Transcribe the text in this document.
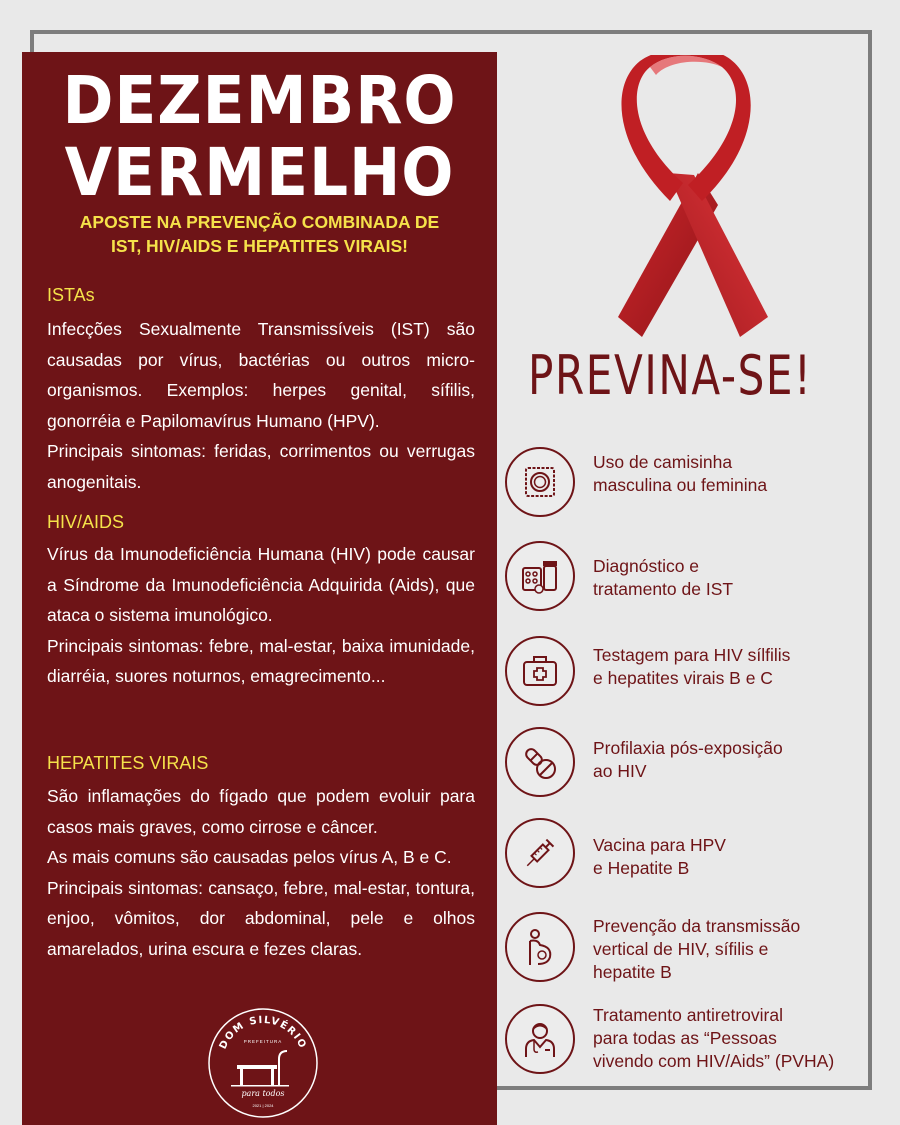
DEZEMBRO
VERMELHO
APOSTE NA PREVENÇÃO COMBINADA DE
IST, HIV/AIDS E HEPATITES VIRAIS!
ISTAs

Infecções Sexualmente Transmissíveis (IST) são causadas por vírus, bactérias ou outros micro-organismos. Exemplos: herpes genital, sífilis, gonorréia e Papilomavírus Humano (HPV).

Principais sintomas: feridas, corrimentos ou verrugas anogenitais.

HIV/AIDS

Vírus da Imunodeficiência Humana (HIV) pode causar a Síndrome da Imunodeficiência Adquirida (Aids), que ataca o sistema imunológico.

Principais sintomas: febre, mal-estar, baixa imunidade, diarréia, suores noturnos, emagrecimento...

HEPATITES VIRAIS

São inflamações do fígado que podem evoluir para casos mais graves, como cirrose e câncer.

As mais comuns são causadas pelos vírus A, B e C.

Principais sintomas: cansaço, febre, mal-estar, tontura, enjoo, vômitos, dor abdominal, pele e olhos amarelados, urina escura e fezes claras.

DOM SILVÉRIO
PREFEITURA
para todos
2021 | 2024
PREVINA-SE!
Uso de camisinha
masculina ou feminina
Diagnóstico e
tratamento de IST
Testagem para HIV sílfilis
e hepatites virais B e C
Profilaxia pós-exposição
ao HIV
Vacina para HPV
e Hepatite B
Prevenção da transmissão
vertical de HIV, sífilis e
hepatite B
Tratamento antiretroviral
para todas as “Pessoas
vivendo com HIV/Aids” (PVHA)
